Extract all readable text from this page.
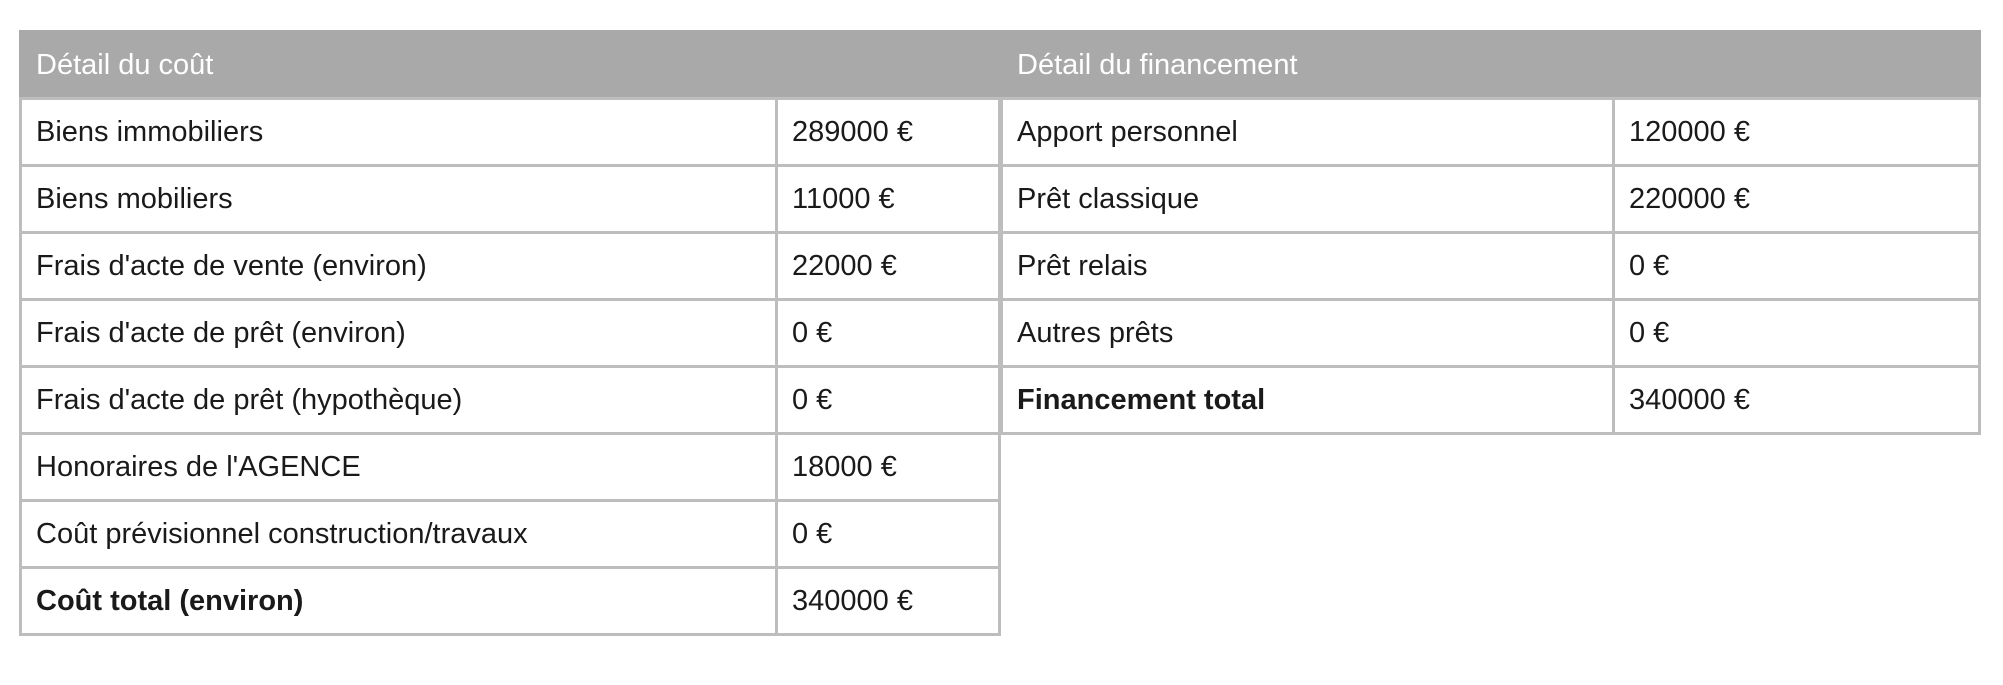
Détail du coût	
Biens immobiliers	289000 €
Biens mobiliers	11000 €
Frais d'acte de vente (environ)	22000 €
Frais d'acte de prêt (environ)	0 €
Frais d'acte de prêt (hypothèque)	0 €
Honoraires de l'AGENCE	18000 €
Coût prévisionnel construction/travaux	0 €
Coût total (environ)	340000 €
Détail du financement	
Apport personnel	120000 €
Prêt classique	220000 €
Prêt relais	0 €
Autres prêts	0 €
Financement total	340000 €
